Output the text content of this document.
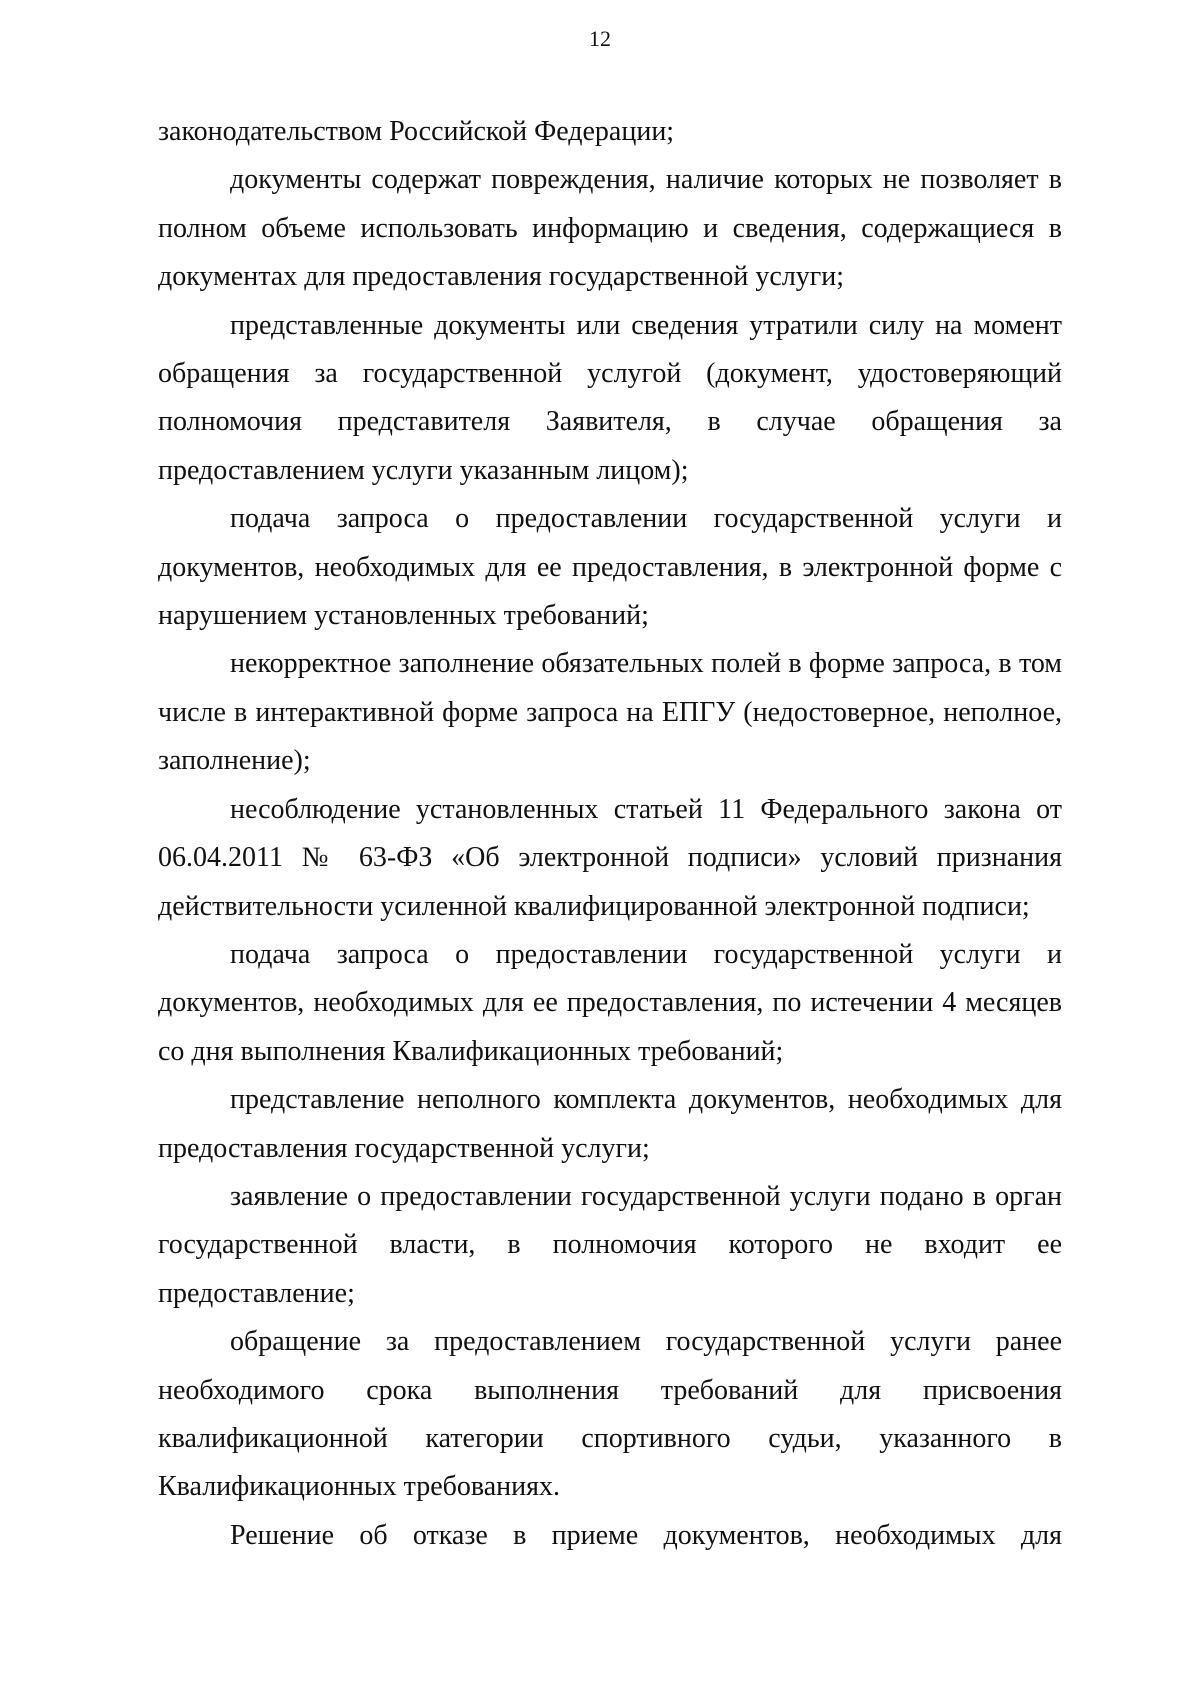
12

законодательством Российской Федерации;

документы содержат повреждения, наличие которых не позволяет в полном объеме использовать информацию и сведения, содержащиеся в документах для предоставления государственной услуги;

представленные документы или сведения утратили силу на момент обращения за государственной услугой (документ, удостоверяющий полномочия представителя Заявителя, в случае обращения за предоставлением услуги указанным лицом);

подача запроса о предоставлении государственной услуги и документов, необходимых для ее предоставления, в электронной форме с нарушением установленных требований;

некорректное заполнение обязательных полей в форме запроса, в том числе в интерактивной форме запроса на ЕПГУ (недостоверное, неполное, заполнение);

несоблюдение установленных статьей 11 Федерального закона от 06.04.2011 № 63-ФЗ «Об электронной подписи» условий признания действительности усиленной квалифицированной электронной подписи;

подача запроса о предоставлении государственной услуги и документов, необходимых для ее предоставления, по истечении 4 месяцев со дня выполнения Квалификационных требований;

представление неполного комплекта документов, необходимых для предоставления государственной услуги;

заявление о предоставлении государственной услуги подано в орган государственной власти, в полномочия которого не входит ее предоставление;

обращение за предоставлением государственной услуги ранее необходимого срока выполнения требований для присвоения квалификационной категории спортивного судьи, указанного в Квалификационных требованиях.

Решение об отказе в приеме документов, необходимых для
